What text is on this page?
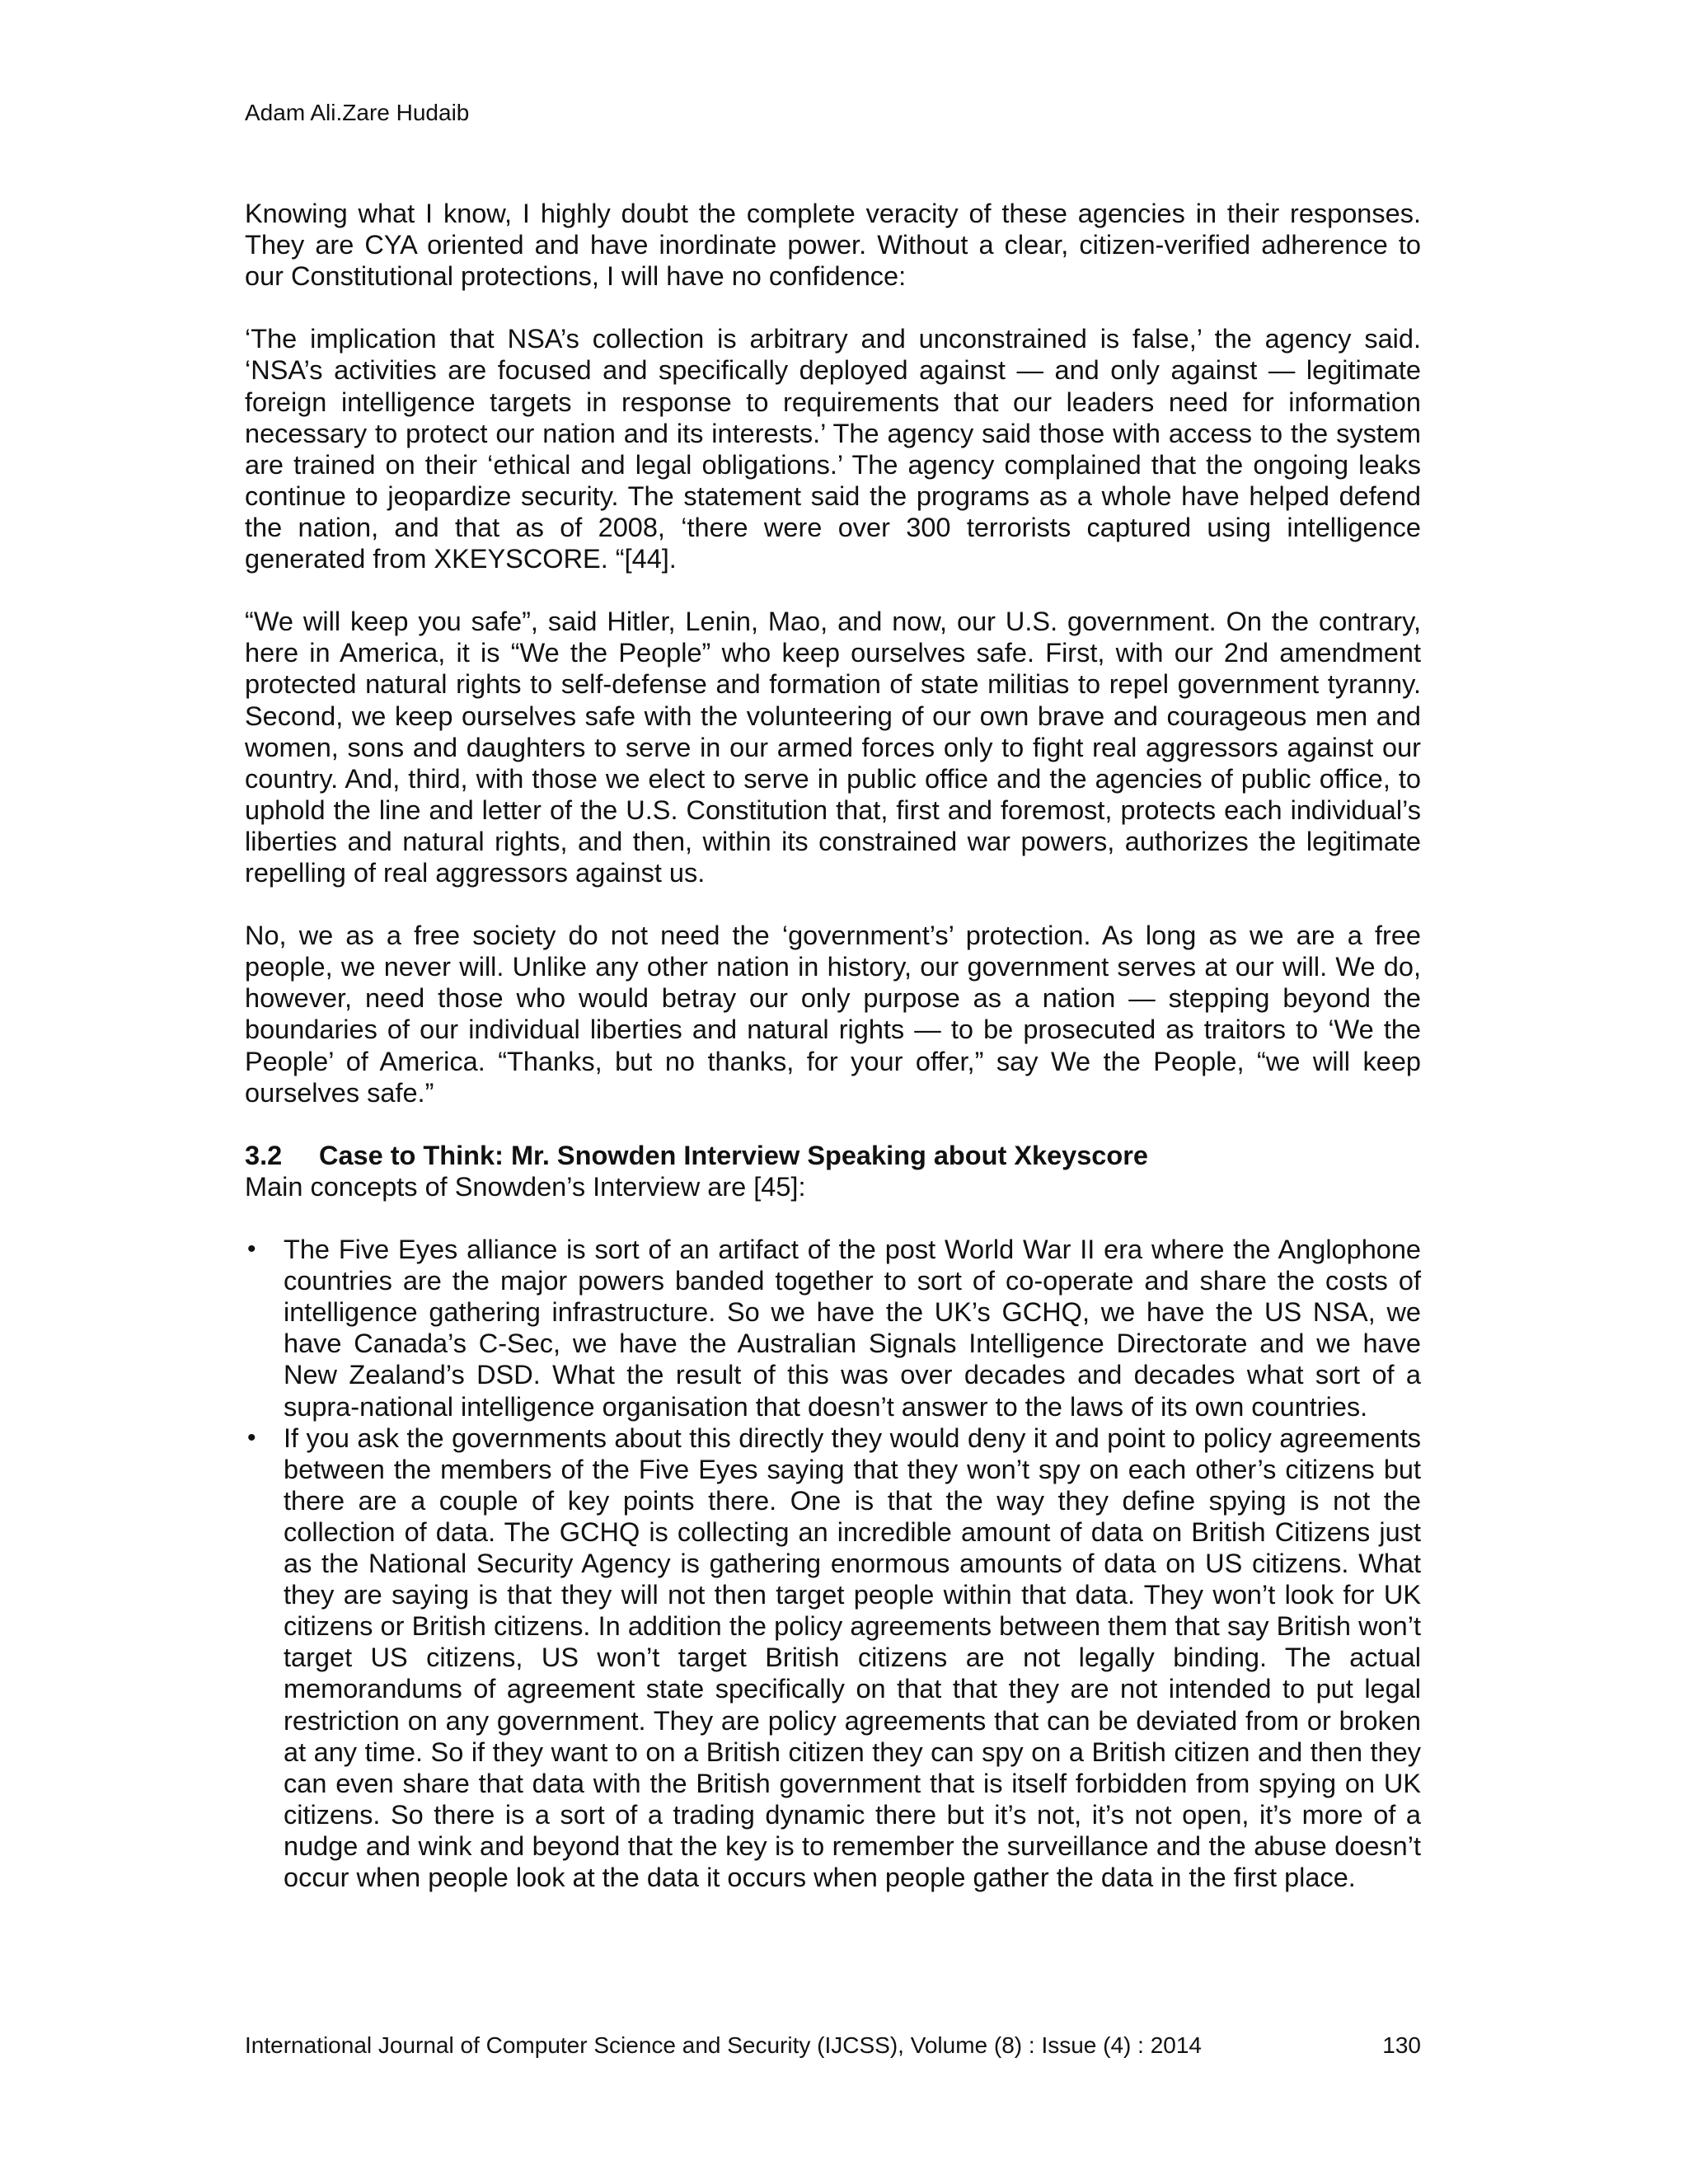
Adam Ali.Zare Hudaib

Knowing what I know, I highly doubt the complete veracity of these agencies in their responses. They are CYA oriented and have inordinate power. Without a clear, citizen-verified adherence to our Constitutional protections, I will have no confidence:

‘The implication that NSA’s collection is arbitrary and unconstrained is false,’ the agency said. ‘NSA’s activities are focused and specifically deployed against — and only against — legitimate foreign intelligence targets in response to requirements that our leaders need for information necessary to protect our nation and its interests.’ The agency said those with access to the system are trained on their ‘ethical and legal obligations.’ The agency complained that the ongoing leaks continue to jeopardize security. The statement said the programs as a whole have helped defend the nation, and that as of 2008, ‘there were over 300 terrorists captured using intelligence generated from XKEYSCORE. “[44].

“We will keep you safe”, said Hitler, Lenin, Mao, and now, our U.S. government. On the contrary, here in America, it is “We the People” who keep ourselves safe. First, with our 2nd amendment protected natural rights to self-defense and formation of state militias to repel government tyranny. Second, we keep ourselves safe with the volunteering of our own brave and courageous men and women, sons and daughters to serve in our armed forces only to fight real aggressors against our country. And, third, with those we elect to serve in public office and the agencies of public office, to uphold the line and letter of the U.S. Constitution that, first and foremost, protects each individual’s liberties and natural rights, and then, within its constrained war powers, authorizes the legitimate repelling of real aggressors against us.

No, we as a free society do not need the ‘government’s’ protection. As long as we are a free people, we never will. Unlike any other nation in history, our government serves at our will. We do, however, need those who would betray our only purpose as a nation — stepping beyond the boundaries of our individual liberties and natural rights — to be prosecuted as traitors to ‘We the People’ of America. “Thanks, but no thanks, for your offer,” say We the People, “we will keep ourselves safe.”

3.2 Case to Think: Mr. Snowden Interview Speaking about Xkeyscore

Main concepts of Snowden’s Interview are [45]:

• The Five Eyes alliance is sort of an artifact of the post World War II era where the Anglophone countries are the major powers banded together to sort of co-operate and share the costs of intelligence gathering infrastructure. So we have the UK’s GCHQ, we have the US NSA, we have Canada’s C-Sec, we have the Australian Signals Intelligence Directorate and we have New Zealand’s DSD. What the result of this was over decades and decades what sort of a supra-national intelligence organisation that doesn’t answer to the laws of its own countries.
• If you ask the governments about this directly they would deny it and point to policy agreements between the members of the Five Eyes saying that they won’t spy on each other’s citizens but there are a couple of key points there. One is that the way they define spying is not the collection of data. The GCHQ is collecting an incredible amount of data on British Citizens just as the National Security Agency is gathering enormous amounts of data on US citizens. What they are saying is that they will not then target people within that data. They won’t look for UK citizens or British citizens. In addition the policy agreements between them that say British won’t target US citizens, US won’t target British citizens are not legally binding. The actual memorandums of agreement state specifically on that that they are not intended to put legal restriction on any government. They are policy agreements that can be deviated from or broken at any time. So if they want to on a British citizen they can spy on a British citizen and then they can even share that data with the British government that is itself forbidden from spying on UK citizens. So there is a sort of a trading dynamic there but it’s not, it’s not open, it’s more of a nudge and wink and beyond that the key is to remember the surveillance and the abuse doesn’t occur when people look at the data it occurs when people gather the data in the first place.
International Journal of Computer Science and Security (IJCSS), Volume (8) : Issue (4) : 2014	130
